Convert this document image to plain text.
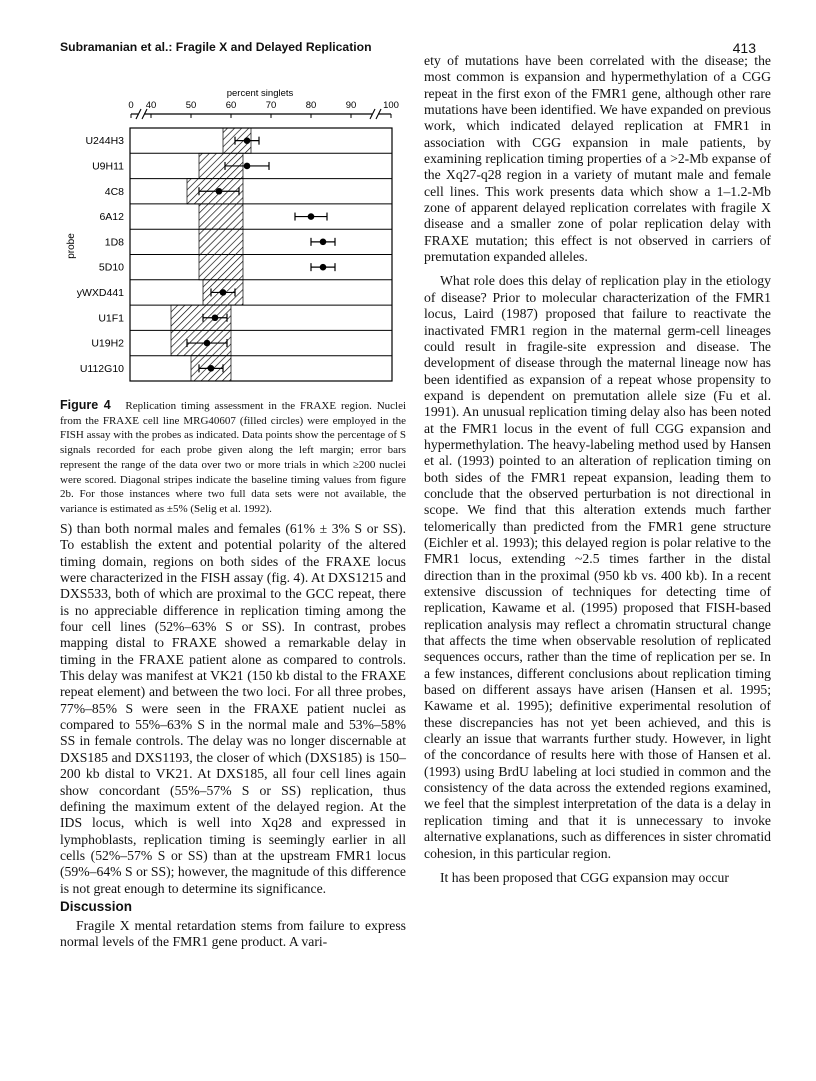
Subramanian et al.: Fragile X and Delayed Replication	413
percent singlets
0 40	50	60	70	80	90	100
probe
U244H3
U9H11
4C8
6A12
1D8
5D10
yWXD441
U1F1
U19H2
U112G10
Figure 4 Replication timing assessment in the FRAXE region. Nuclei from the FRAXE cell line MRG40607 (filled circles) were employed in the FISH assay with the probes as indicated. Data points show the percentage of S signals recorded for each probe given along the left margin; error bars represent the range of the data over two or more trials in which ≥200 nuclei were scored. Diagonal stripes indicate the baseline timing values from figure 2b. For those instances where two full data sets were not available, the variance is estimated as ±5% (Selig et al. 1992).

S) than both normal males and females (61% ± 3% S or SS). To establish the extent and potential polarity of the altered timing domain, regions on both sides of the FRAXE locus were characterized in the FISH assay (fig. 4). At DXS1215 and DXS533, both of which are proximal to the GCC repeat, there is no appreciable difference in replication timing among the four cell lines (52%–63% S or SS). In contrast, probes mapping distal to FRAXE showed a remarkable delay in timing in the FRAXE patient alone as compared to controls. This delay was manifest at VK21 (150 kb distal to the FRAXE repeat element) and between the two loci. For all three probes, 77%–85% S were seen in the FRAXE patient nuclei as compared to 55%–63% S in the normal male and 53%–58% SS in female controls. The delay was no longer discernable at DXS185 and DXS1193, the closer of which (DXS185) is 150–200 kb distal to VK21. At DXS185, all four cell lines again show concordant (55%–57% S or SS) replication, thus defining the maximum extent of the delayed region. At the IDS locus, which is well into Xq28 and expressed in lymphoblasts, replication timing is seemingly earlier in all cells (52%–57% S or SS) than at the upstream FMR1 locus (59%–64% S or SS); however, the magnitude of this difference is not great enough to determine its significance.

Discussion

Fragile X mental retardation stems from failure to express normal levels of the FMR1 gene product. A vari-

ety of mutations have been correlated with the disease; the most common is expansion and hypermethylation of a CGG repeat in the first exon of the FMR1 gene, although other rare mutations have been identified. We have expanded on previous work, which indicated delayed replication at FMR1 in association with CGG expansion in male patients, by examining replication timing properties of a >2-Mb expanse of the Xq27-q28 region in a variety of mutant male and female cell lines. This work presents data which show a 1–1.2-Mb zone of apparent delayed replication correlates with fragile X disease and a smaller zone of polar replication delay with FRAXE mutation; this effect is not observed in carriers of premutation expanded alleles.

What role does this delay of replication play in the etiology of disease? Prior to molecular characterization of the FMR1 locus, Laird (1987) proposed that failure to reactivate the inactivated FMR1 region in the maternal germ-cell lineages could result in fragile-site expression and disease. The development of disease through the maternal lineage now has been identified as expansion of a repeat whose propensity to expand is dependent on premutation allele size (Fu et al. 1991). An unusual replication timing delay also has been noted at the FMR1 locus in the event of full CGG expansion and hypermethylation. The heavy-labeling method used by Hansen et al. (1993) pointed to an alteration of replication timing on both sides of the FMR1 repeat expansion, leading them to conclude that the observed perturbation is not directional in scope. We find that this alteration extends much farther telomerically than predicted from the FMR1 gene structure (Eichler et al. 1993); this delayed region is polar relative to the FMR1 locus, extending ~2.5 times farther in the distal direction than in the proximal (950 kb vs. 400 kb). In a recent extensive discussion of techniques for detecting time of replication, Kawame et al. (1995) proposed that FISH-based replication analysis may reflect a chromatin structural change that affects the time when observable resolution of replicated sequences occurs, rather than the time of replication per se. In a few instances, different conclusions about replication timing based on different assays have arisen (Hansen et al. 1995; Kawame et al. 1995); definitive experimental resolution of these discrepancies has not yet been achieved, and this is clearly an issue that warrants further study. However, in light of the concordance of results here with those of Hansen et al. (1993) using BrdU labeling at loci studied in common and the consistency of the data across the extended regions examined, we feel that the simplest interpretation of the data is a delay in replication timing and that it is unnecessary to invoke alternative explanations, such as differences in sister chromatid cohesion, in this particular region.

It has been proposed that CGG expansion may occur
